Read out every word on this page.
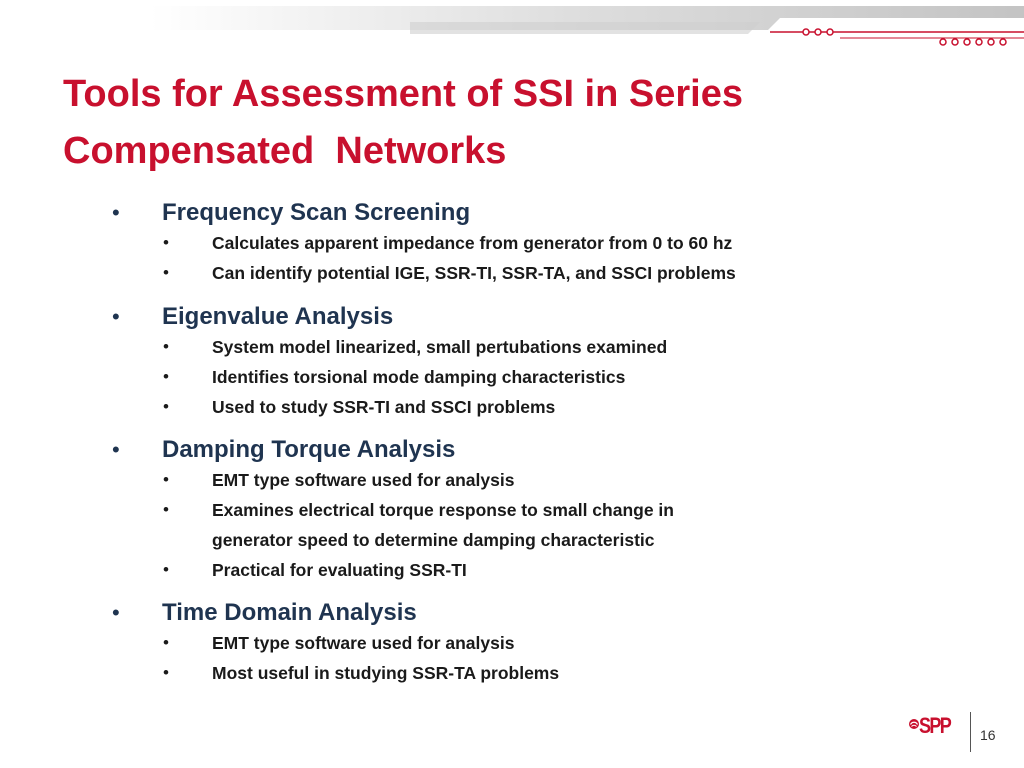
Tools for Assessment of SSI in Series
Compensated  Networks
• Frequency Scan Screening
• Calculates apparent impedance from generator from 0 to 60 hz
• Can identify potential IGE, SSR-TI, SSR-TA, and SSCI problems
• Eigenvalue Analysis
• System model linearized, small pertubations examined
• Identifies torsional mode damping characteristics
• Used to study SSR-TI and SSCI problems
• Damping Torque Analysis
• EMT type software used for analysis
• Examines electrical torque response to small change in
generator speed to determine damping characteristic
• Practical for evaluating SSR-TI
• Time Domain Analysis
• EMT type software used for analysis
• Most useful in studying SSR-TA problems
SPP 16
